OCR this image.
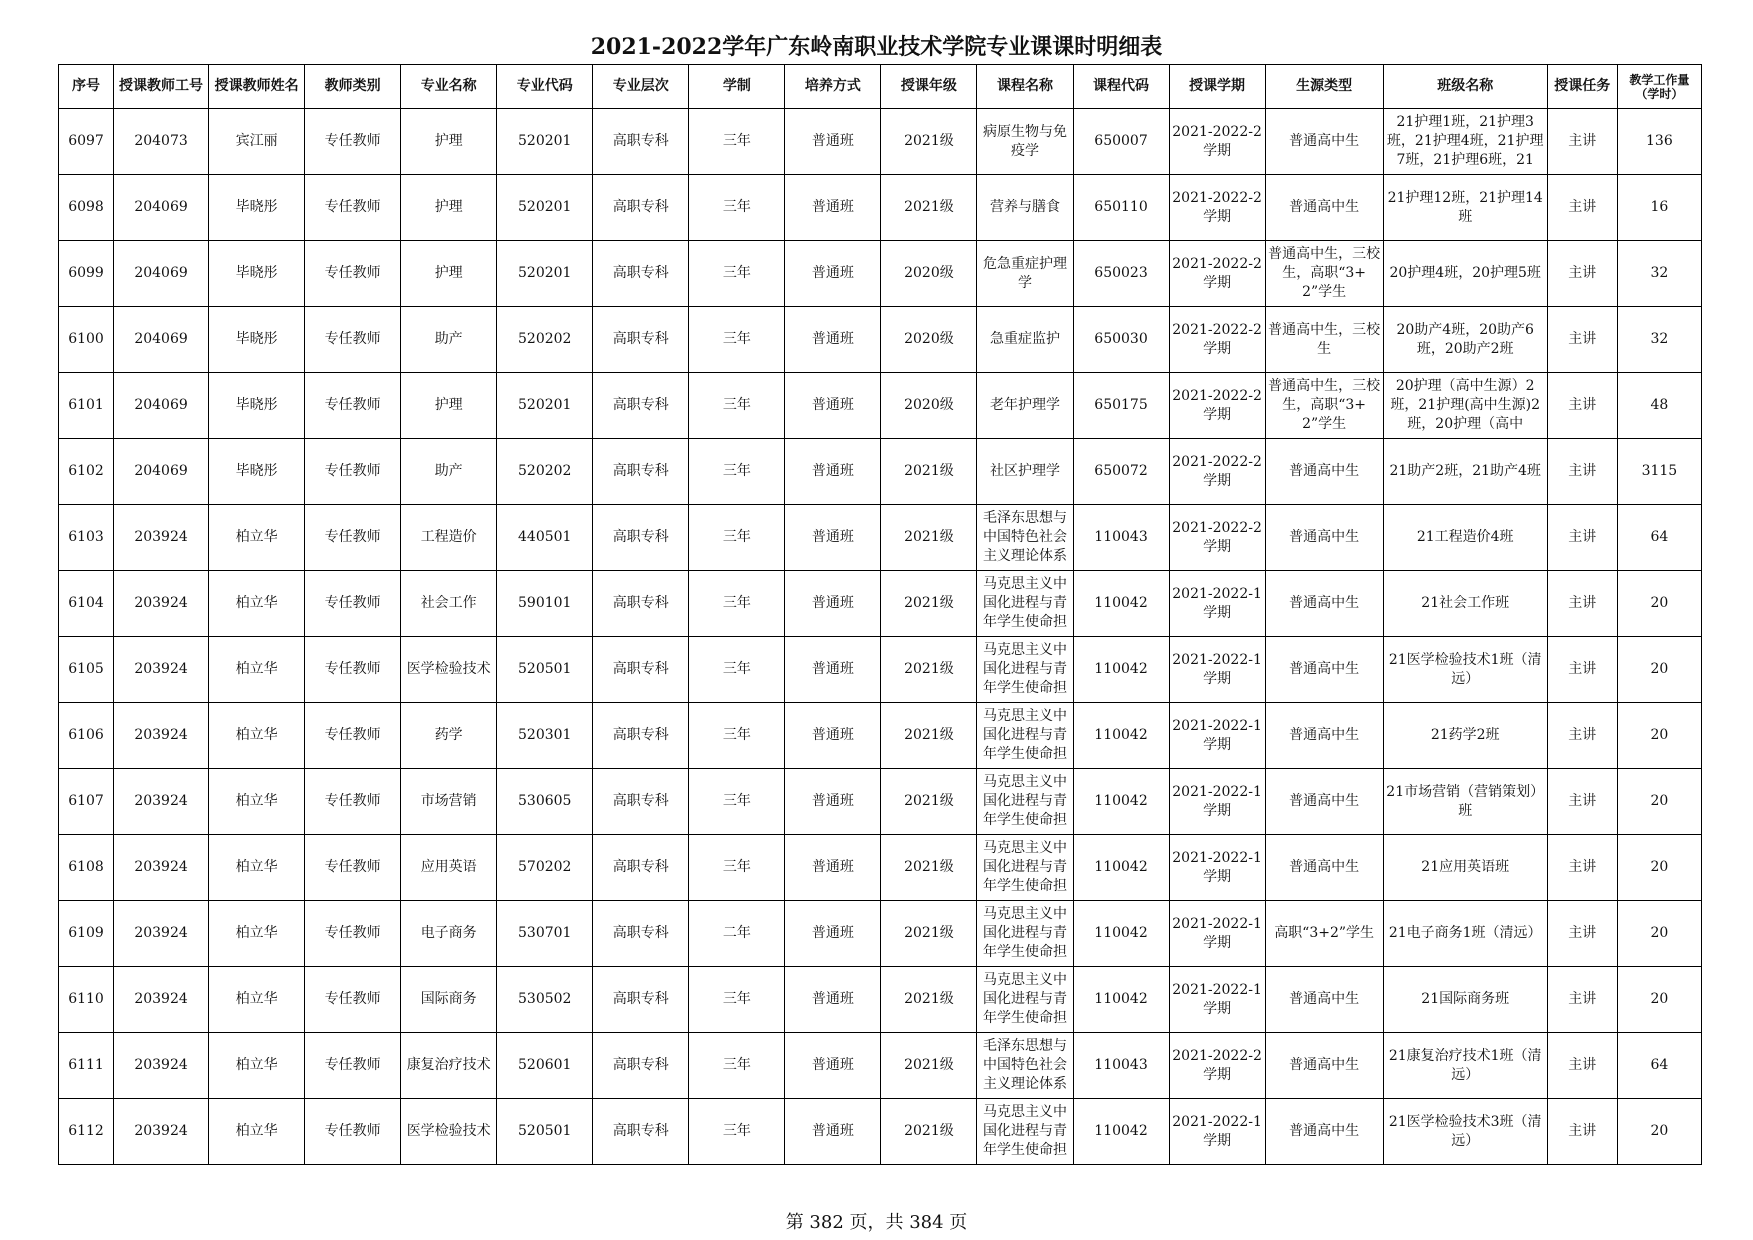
2021-2022学年广东岭南职业技术学院专业课课时明细表
序号	授课教师工号	授课教师姓名	教师类别	专业名称	专业代码	专业层次	学制	培养方式	授课年级	课程名称	课程代码	授课学期	生源类型	班级名称	授课任务	教学工作量（学时）

6097	204073	宾江丽	专任教师	护理	520201	高职专科	三年	普通班	2021级	病原生物与免疫学	650007	2021-2022-2学期	普通高中生	21护理1班，21护理3班，21护理4班，21护理7班，21护理6班，21	主讲	136

6098	204069	毕晓彤	专任教师	护理	520201	高职专科	三年	普通班	2021级	营养与膳食	650110	2021-2022-2学期	普通高中生	21护理12班，21护理14班	主讲	16

6099	204069	毕晓彤	专任教师	护理	520201	高职专科	三年	普通班	2020级	危急重症护理学	650023	2021-2022-2学期	普通高中生，三校生，高职“3+2”学生	20护理4班，20护理5班	主讲	32

6100	204069	毕晓彤	专任教师	助产	520202	高职专科	三年	普通班	2020级	急重症监护	650030	2021-2022-2学期	普通高中生，三校生	20助产4班，20助产6班，20助产2班	主讲	32

6101	204069	毕晓彤	专任教师	护理	520201	高职专科	三年	普通班	2020级	老年护理学	650175	2021-2022-2学期	普通高中生，三校生，高职“3+2”学生	20护理（高中生源）2班，21护理(高中生源)2班，20护理（高中	主讲	48

6102	204069	毕晓彤	专任教师	助产	520202	高职专科	三年	普通班	2021级	社区护理学	650072	2021-2022-2学期	普通高中生	21助产2班，21助产4班	主讲	3115

6103	203924	柏立华	专任教师	工程造价	440501	高职专科	三年	普通班	2021级	毛泽东思想与中国特色社会主义理论体系	110043	2021-2022-2学期	普通高中生	21工程造价4班	主讲	64

6104	203924	柏立华	专任教师	社会工作	590101	高职专科	三年	普通班	2021级	马克思主义中国化进程与青年学生使命担	110042	2021-2022-1学期	普通高中生	21社会工作班	主讲	20

6105	203924	柏立华	专任教师	医学检验技术	520501	高职专科	三年	普通班	2021级	马克思主义中国化进程与青年学生使命担	110042	2021-2022-1学期	普通高中生	21医学检验技术1班（清远）	主讲	20

6106	203924	柏立华	专任教师	药学	520301	高职专科	三年	普通班	2021级	马克思主义中国化进程与青年学生使命担	110042	2021-2022-1学期	普通高中生	21药学2班	主讲	20

6107	203924	柏立华	专任教师	市场营销	530605	高职专科	三年	普通班	2021级	马克思主义中国化进程与青年学生使命担	110042	2021-2022-1学期	普通高中生	21市场营销（营销策划）班	主讲	20

6108	203924	柏立华	专任教师	应用英语	570202	高职专科	三年	普通班	2021级	马克思主义中国化进程与青年学生使命担	110042	2021-2022-1学期	普通高中生	21应用英语班	主讲	20

6109	203924	柏立华	专任教师	电子商务	530701	高职专科	二年	普通班	2021级	马克思主义中国化进程与青年学生使命担	110042	2021-2022-1学期	高职“3+2”学生	21电子商务1班（清远）	主讲	20

6110	203924	柏立华	专任教师	国际商务	530502	高职专科	三年	普通班	2021级	马克思主义中国化进程与青年学生使命担	110042	2021-2022-1学期	普通高中生	21国际商务班	主讲	20

6111	203924	柏立华	专任教师	康复治疗技术	520601	高职专科	三年	普通班	2021级	毛泽东思想与中国特色社会主义理论体系	110043	2021-2022-2学期	普通高中生	21康复治疗技术1班（清远）	主讲	64

6112	203924	柏立华	专任教师	医学检验技术	520501	高职专科	三年	普通班	2021级	马克思主义中国化进程与青年学生使命担	110042	2021-2022-1学期	普通高中生	21医学检验技术3班（清远）	主讲	20
第 382 页，共 384 页
